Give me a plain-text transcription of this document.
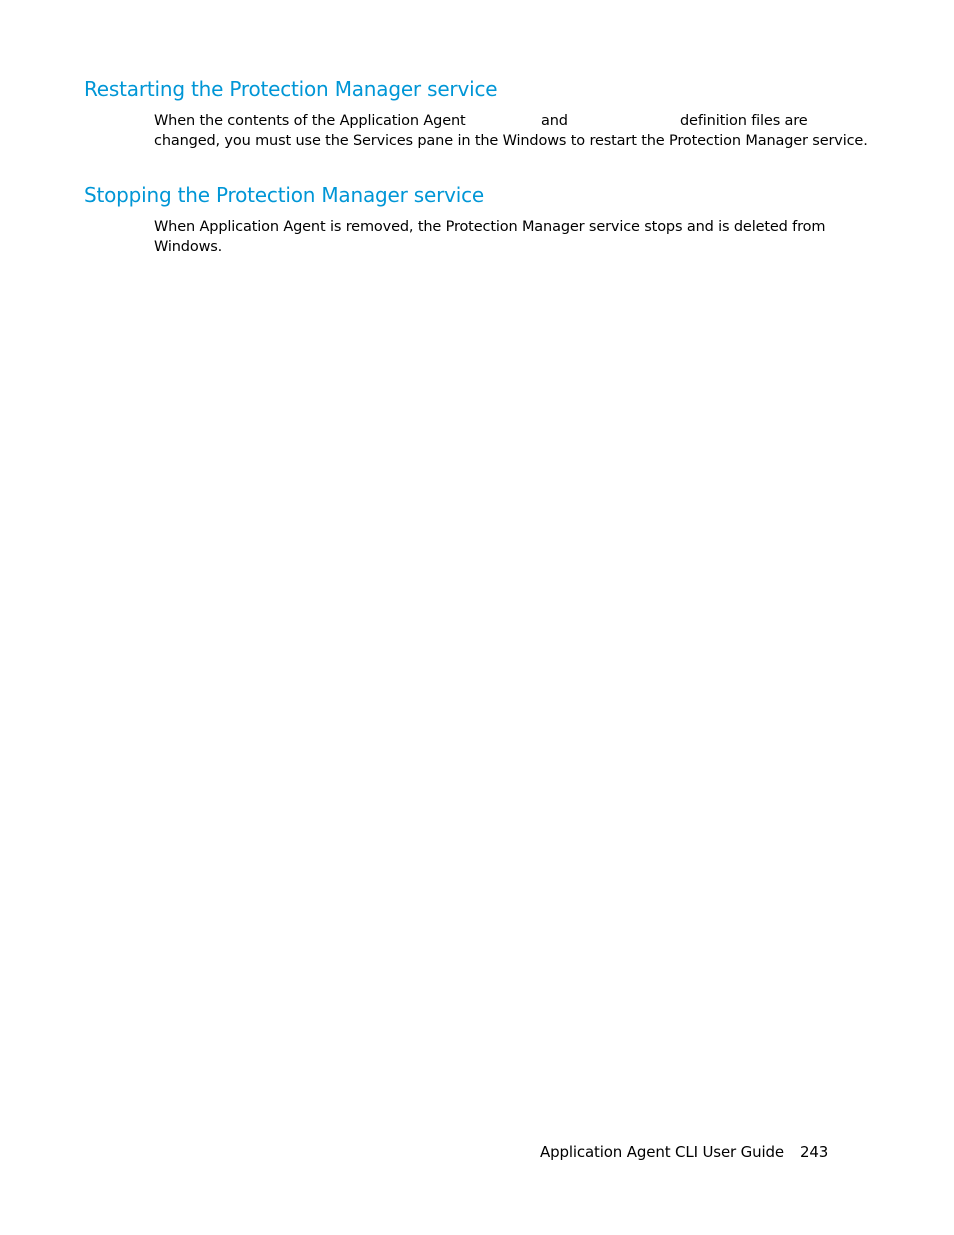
Restarting the Protection Manager service
When the contents of the Application Agent	and	definition files are
changed, you must use the Services pane in the Windows to restart the Protection Manager service.
Stopping the Protection Manager service
When Application Agent is removed, the Protection Manager service stops and is deleted from
Windows.
Application Agent CLI User Guide 243
